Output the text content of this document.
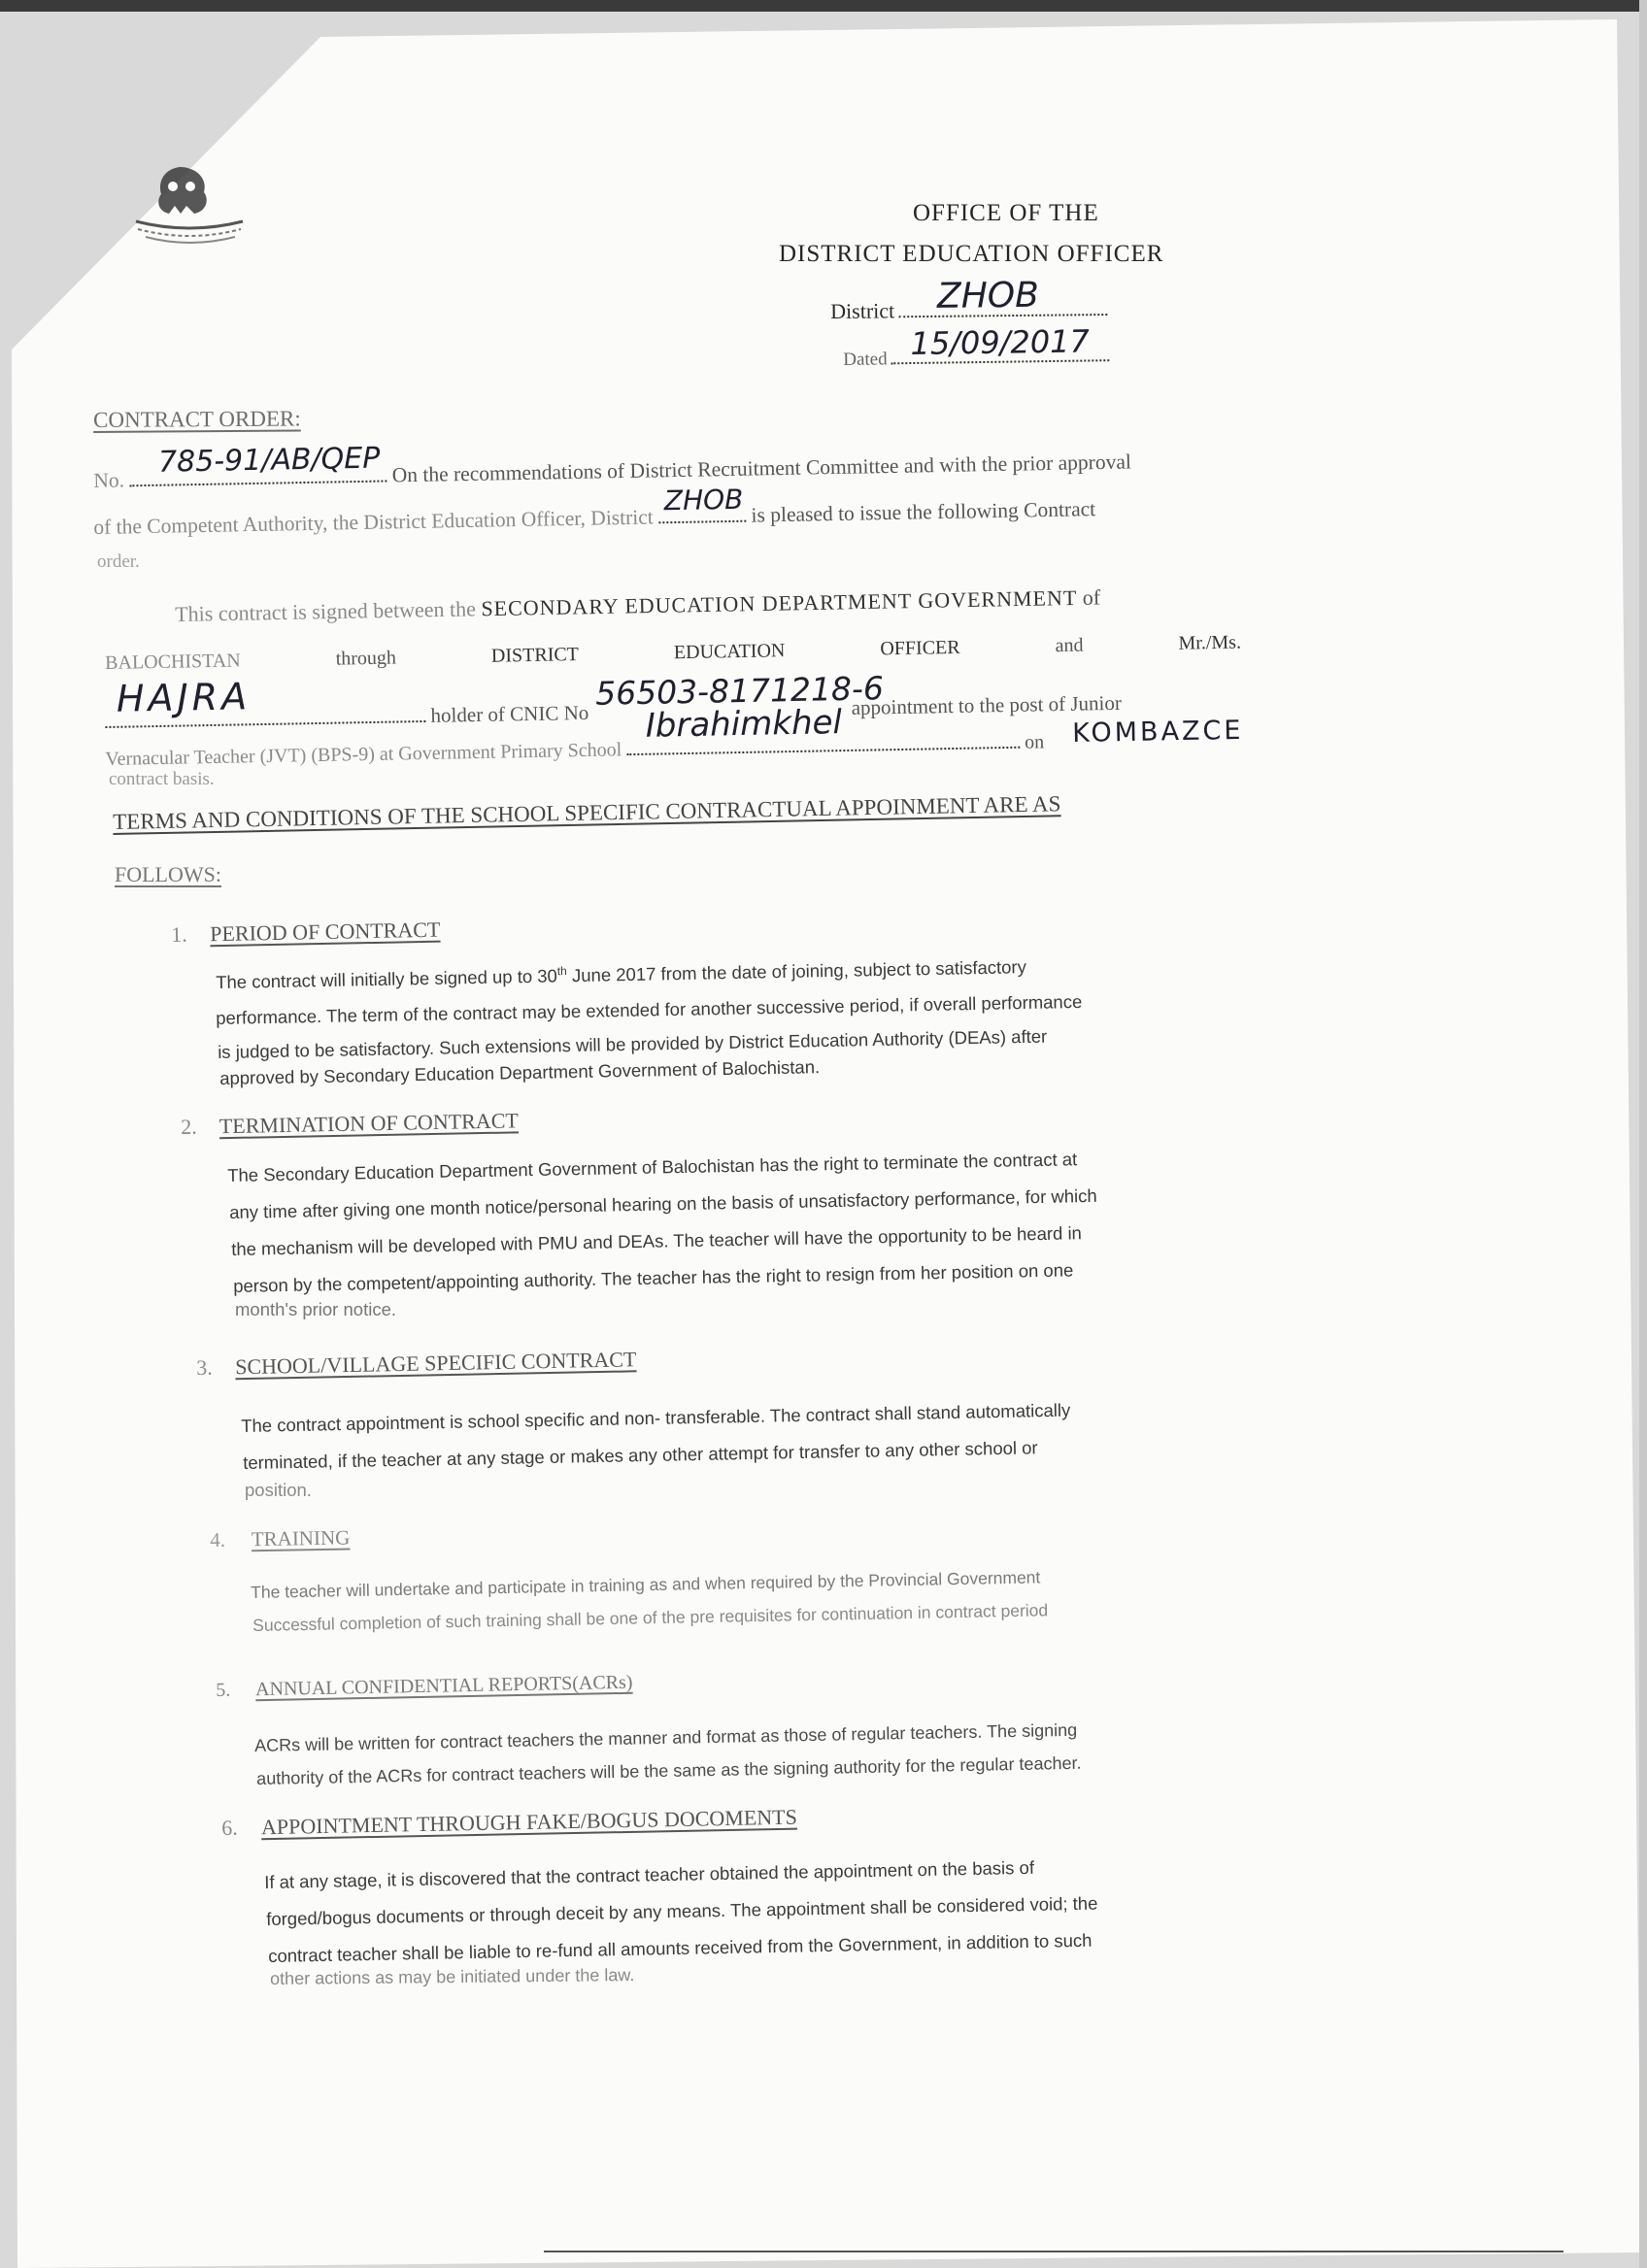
OFFICE OF THE
DISTRICT EDUCATION OFFICER
District ZHOB
Dated 15/09/2017
CONTRACT ORDER:
No.
785-91/AB/QEP On the recommendations of District Recruitment Committee and with the prior approval
of the Competent Authority, the District Education Officer, District
ZHOB is pleased to issue the following Contract
order.
This contract is signed between the SECONDARY EDUCATION DEPARTMENT GOVERNMENT of
BALOCHISTAN	through	DISTRICT	EDUCATION	OFFICER	and	Mr./Ms.
HAJRA	holder of CNIC No
56503-8171218-6
appointment to the post of Junior
Vernacular Teacher (JVT) (BPS-9) at Government Primary School
Ibrahimkhel	on KOMBAZCE
contract basis.
TERMS AND CONDITIONS OF THE SCHOOL SPECIFIC CONTRACTUAL APPOINMENT ARE AS
FOLLOWS:
1. PERIOD OF CONTRACT
The contract will initially be signed up to 30th June 2017 from the date of joining, subject to satisfactory
performance. The term of the contract may be extended for another successive period, if overall performance
is judged to be satisfactory. Such extensions will be provided by District Education Authority (DEAs) after
approved by Secondary Education Department Government of Balochistan.
2. TERMINATION OF CONTRACT
The Secondary Education Department Government of Balochistan has the right to terminate the contract at
any time after giving one month notice/personal hearing on the basis of unsatisfactory performance, for which
the mechanism will be developed with PMU and DEAs. The teacher will have the opportunity to be heard in
person by the competent/appointing authority. The teacher has the right to resign from her position on one
month's prior notice.
3. SCHOOL/VILLAGE SPECIFIC CONTRACT
The contract appointment is school specific and non- transferable. The contract shall stand automatically
terminated, if the teacher at any stage or makes any other attempt for transfer to any other school or
position.
4. TRAINING
The teacher will undertake and participate in training as and when required by the Provincial Government
Successful completion of such training shall be one of the pre requisites for continuation in contract period
5. ANNUAL CONFIDENTIAL REPORTS(ACRs)
ACRs will be written for contract teachers the manner and format as those of regular teachers. The signing
authority of the ACRs for contract teachers will be the same as the signing authority for the regular teacher.
6. APPOINTMENT THROUGH FAKE/BOGUS DOCOMENTS
If at any stage, it is discovered that the contract teacher obtained the appointment on the basis of
forged/bogus documents or through deceit by any means. The appointment shall be considered void; the
contract teacher shall be liable to re-fund all amounts received from the Government, in addition to such
other actions as may be initiated under the law.
